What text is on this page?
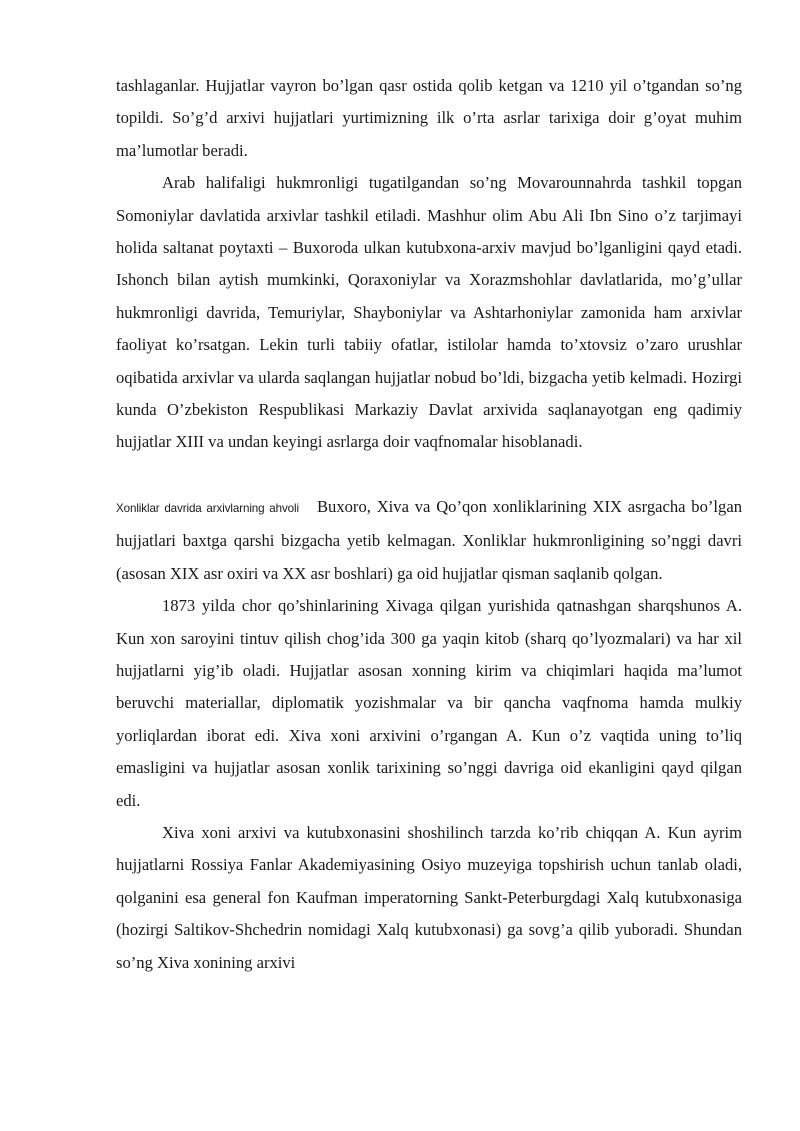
tashlaganlar. Hujjatlar vayron bo’lgan qasr ostida qolib ketgan va 1210 yil o’tgandan so’ng topildi. So’g’d arxivi hujjatlari yurtimizning ilk o’rta asrlar tarixiga doir g’oyat muhim ma’lumotlar beradi.

Arab halifaligi hukmronligi tugatilgandan so’ng Movarounnahrda tashkil topgan Somoniylar davlatida arxivlar tashkil etiladi. Mashhur olim Abu Ali Ibn Sino o’z tarjimayi holida saltanat poytaxti – Buxoroda ulkan kutubxona-arxiv mavjud bo’lganligini qayd etadi. Ishonch bilan aytish mumkinki, Qoraxoniylar va Xorazmshohlar davlatlarida, mo’g’ullar hukmronligi davrida, Temuriylar, Shayboniylar va Ashtarhoniylar zamonida ham arxivlar faoliyat ko’rsatgan. Lekin turli tabiiy ofatlar, istilolar hamda to’xtovsiz o’zaro urushlar oqibatida arxivlar va ularda saqlangan hujjatlar nobud bo’ldi, bizgacha yetib kelmadi. Hozirgi kunda O’zbekiston Respublikasi Markaziy Davlat arxivida saqlanayotgan eng qadimiy hujjatlar XIII va undan keyingi asrlarga doir vaqfnomalar hisoblanadi.

Xonliklar davrida arxivlarning ahvoli Buxoro, Xiva va Qo’qon xonliklarining XIX asrgacha bo’lgan hujjatlari baxtga qarshi bizgacha yetib kelmagan. Xonliklar hukmronligining so’nggi davri (asosan XIX asr oxiri va XX asr boshlari) ga oid hujjatlar qisman saqlanib qolgan.

1873 yilda chor qo’shinlarining Xivaga qilgan yurishida qatnashgan sharqshunos A. Kun xon saroyini tintuv qilish chog’ida 300 ga yaqin kitob (sharq qo’lyozmalari) va har xil hujjatlarni yig’ib oladi. Hujjatlar asosan xonning kirim va chiqimlari haqida ma’lumot beruvchi materiallar, diplomatik yozishmalar va bir qancha vaqfnoma hamda mulkiy yorliqlardan iborat edi. Xiva xoni arxivini o’rgangan A. Kun o’z vaqtida uning to’liq emasligini va hujjatlar asosan xonlik tarixining so’nggi davriga oid ekanligini qayd qilgan edi.

Xiva xoni arxivi va kutubxonasini shoshilinch tarzda ko’rib chiqqan A. Kun ayrim hujjatlarni Rossiya Fanlar Akademiyasining Osiyo muzeyiga topshirish uchun tanlab oladi, qolganini esa general fon Kaufman imperatorning Sankt-Peterburgdagi Xalq kutubxonasiga (hozirgi Saltikov-Shchedrin nomidagi Xalq kutubxonasi) ga sovg’a qilib yuboradi. Shundan so’ng Xiva xonining arxivi
